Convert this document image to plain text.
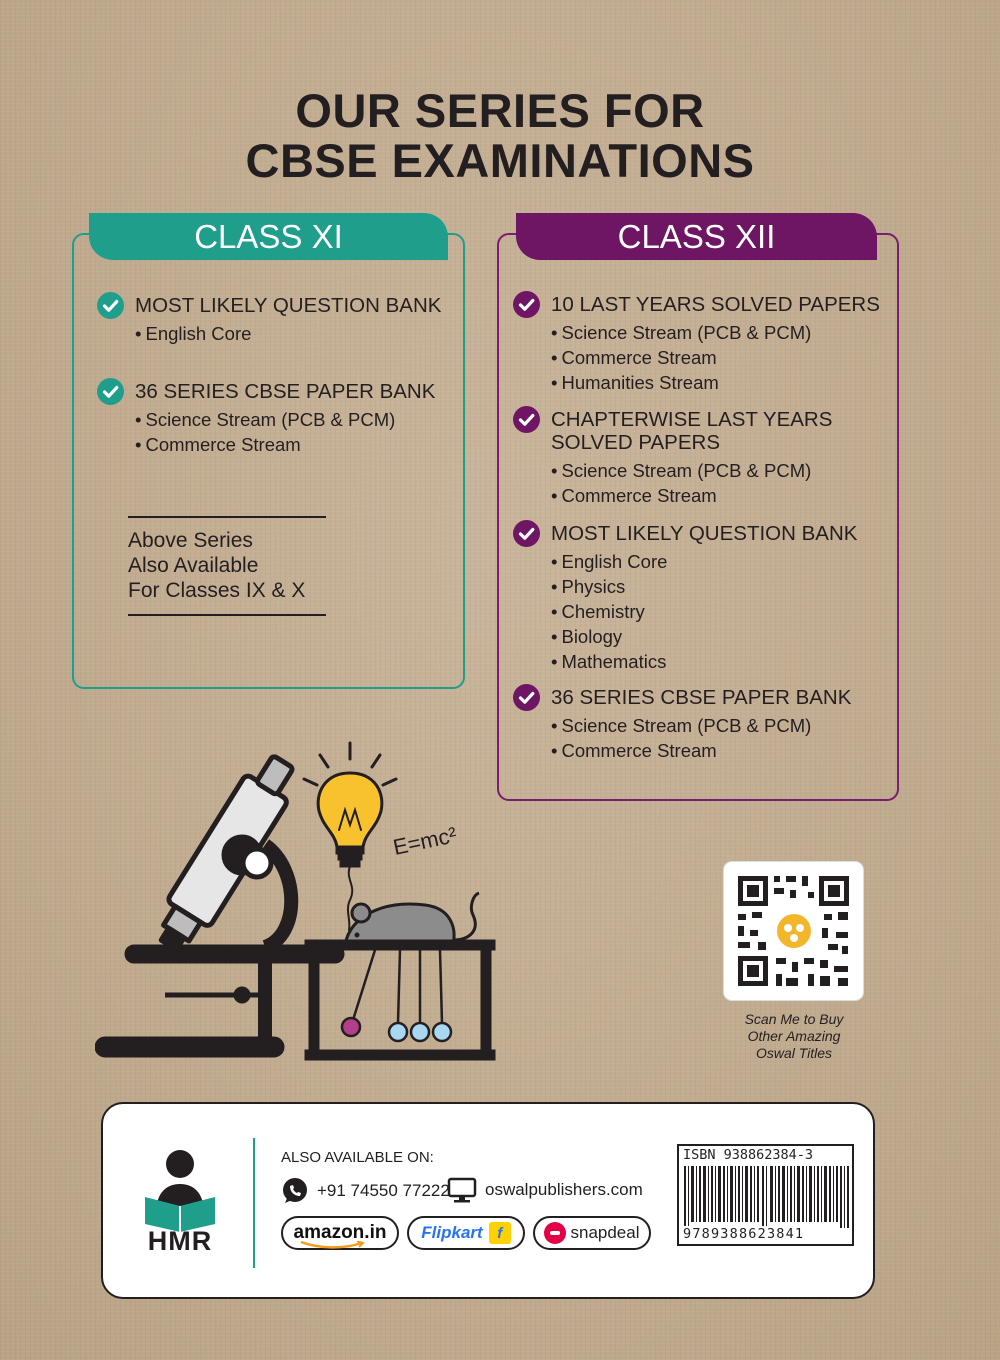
OUR SERIES FOR
CBSE EXAMINATIONS
CLASS XI
MOST LIKELY QUESTION BANK
• English Core
36 SERIES CBSE PAPER BANK
• Science Stream (PCB & PCM)
• Commerce Stream
Above Series
Also Available
For Classes IX & X
CLASS XII
10 LAST YEARS SOLVED PAPERS
• Science Stream (PCB & PCM)
• Commerce Stream
• Humanities Stream
CHAPTERWISE LAST YEARS
SOLVED PAPERS
• Science Stream (PCB & PCM)
• Commerce Stream
MOST LIKELY QUESTION BANK
• English Core
• Physics
• Chemistry
• Biology
• Mathematics
36 SERIES CBSE PAPER BANK
• Science Stream (PCB & PCM)
• Commerce Stream
E=mc²
Scan Me to Buy
Other Amazing
Oswal Titles
HMR
ALSO AVAILABLE ON:
+91 74550 77222 oswalpublishers.com
amazon.in Flipkart f	snapdeal
ISBN 938862384-3
9789388623841
